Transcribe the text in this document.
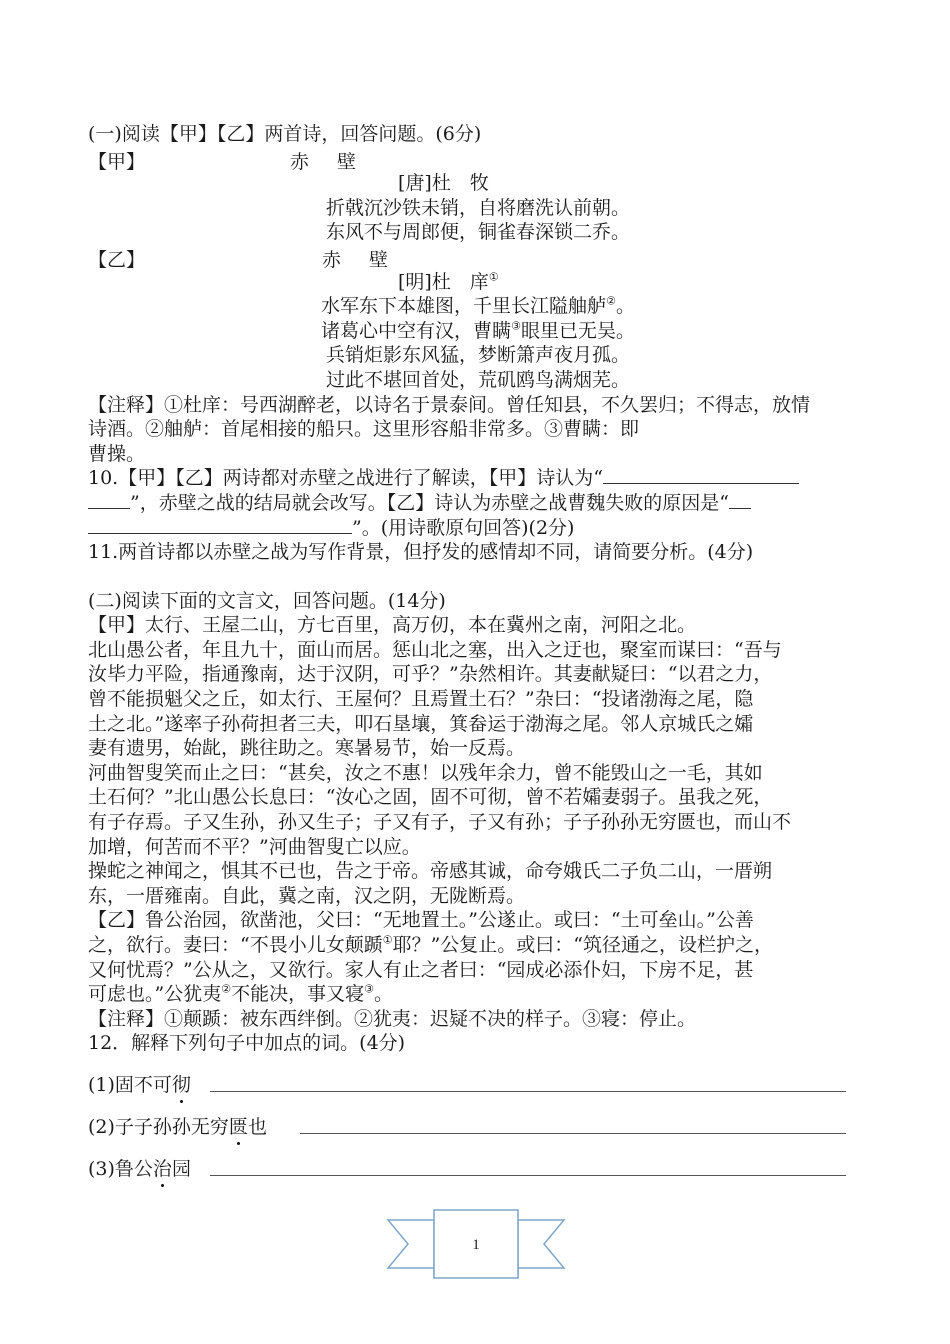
(一)阅读【甲】【乙】两首诗，回答问题。(6分)
【甲】	赤壁
[唐]杜　牧
折戟沉沙铁未销，自将磨洗认前朝。
东风不与周郎便，铜雀春深锁二乔。
【乙】	赤壁
[明]杜　庠①
水军东下本雄图，千里长江隘舳舻②。
诸葛心中空有汉，曹瞒③眼里已无吴。
兵销炬影东风猛，梦断箫声夜月孤。
过此不堪回首处，荒矶鸥鸟满烟芜。
【注释】①杜庠：号西湖醉老，以诗名于景泰间。曾任知县，不久罢归；不得志，放情
诗酒。②舳舻：首尾相接的船只。这里形容船非常多。③曹瞒：即
曹操。
10.【甲】【乙】两诗都对赤壁之战进行了解读，【甲】诗认为“
”，赤壁之战的结局就会改写。【乙】诗认为赤壁之战曹魏失败的原因是“
”。(用诗歌原句回答)(2分)
11.两首诗都以赤壁之战为写作背景，但抒发的感情却不同，请简要分析。(4分)
(二)阅读下面的文言文，回答问题。(14分)
【甲】太行、王屋二山，方七百里，高万仞，本在冀州之南，河阳之北。
北山愚公者，年且九十，面山而居。惩山北之塞，出入之迂也，聚室而谋曰：“吾与
汝毕力平险，指通豫南，达于汉阴，可乎？”杂然相许。其妻献疑曰：“以君之力，
曾不能损魁父之丘，如太行、王屋何？且焉置土石？”杂曰：“投诸渤海之尾，隐
土之北。”遂率子孙荷担者三夫，叩石垦壤，箕畚运于渤海之尾。邻人京城氏之孀
妻有遗男，始龀，跳往助之。寒暑易节，始一反焉。
河曲智叟笑而止之曰：“甚矣，汝之不惠！以残年余力，曾不能毁山之一毛，其如
土石何？”北山愚公长息曰：“汝心之固，固不可彻，曾不若孀妻弱子。虽我之死，
有子存焉。子又生孙，孙又生子；子又有子，子又有孙；子子孙孙无穷匮也，而山不
加增，何苦而不平？”河曲智叟亡以应。
操蛇之神闻之，惧其不已也，告之于帝。帝感其诚，命夸娥氏二子负二山，一厝朔
东，一厝雍南。自此，冀之南，汉之阴，无陇断焉。
【乙】鲁公治园，欲凿池，父曰：“无地置土。”公遂止。或曰：“土可垒山。”公善
之，欲行。妻曰：“不畏小儿女颠踬①耶？”公复止。或曰：“筑径通之，设栏护之，
又何忧焉？”公从之，又欲行。家人有止之者曰：“园成必添仆妇，下房不足，甚
可虑也。”公犹夷②不能决，事又寝③。
【注释】①颠踬：被东西绊倒。②犹夷：迟疑不决的样子。③寝：停止。
12．解释下列句子中加点的词。(4分)
(1)固不可彻
(2)子子孙孙无穷匮也
(3)鲁公治园
1
